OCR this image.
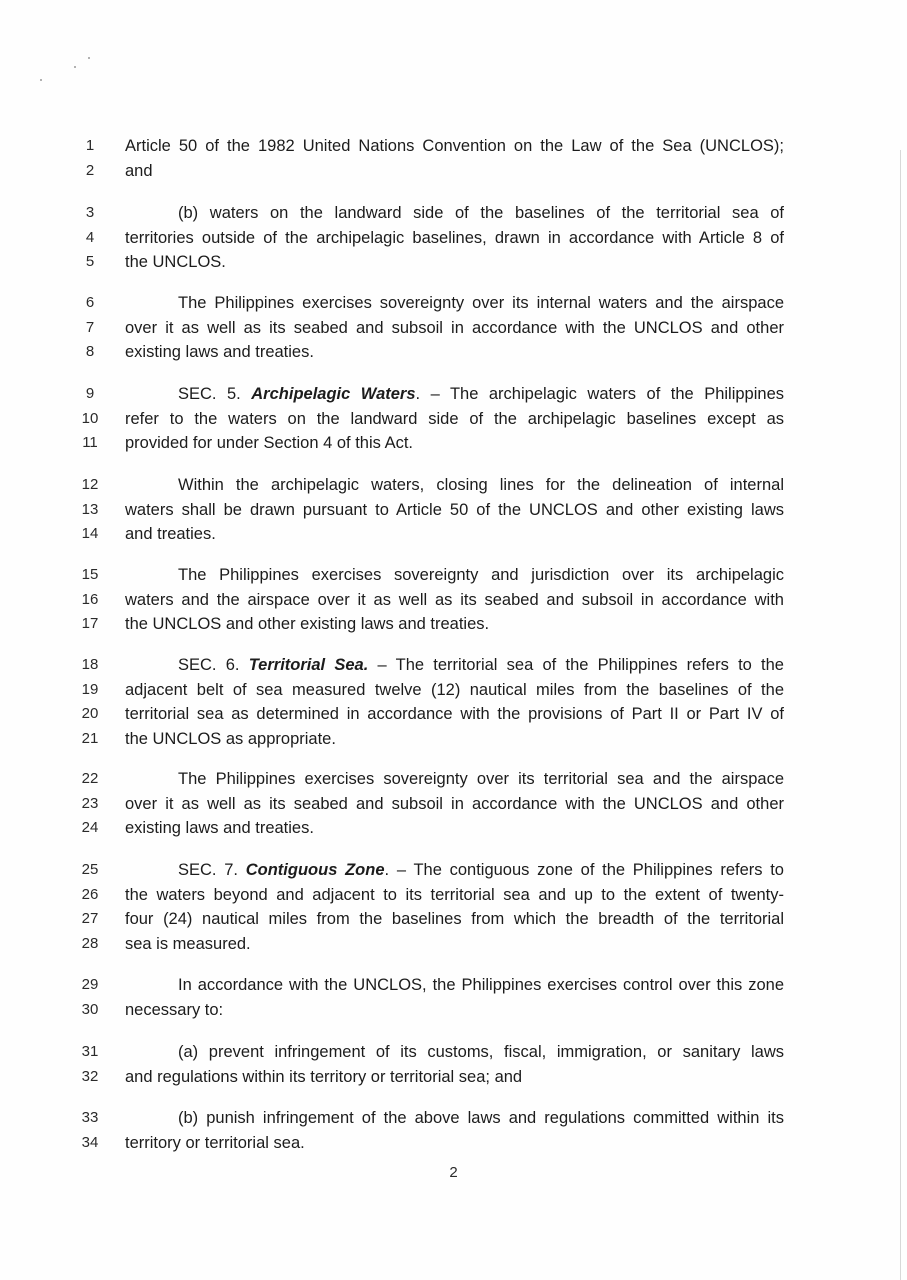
1	Article 50 of the 1982 United Nations Convention on the Law of the Sea (UNCLOS);
2	and
3	(b) waters on the landward side of the baselines of the territorial sea of
4	territories outside of the archipelagic baselines, drawn in accordance with Article 8 of
5	the UNCLOS.
6	The Philippines exercises sovereignty over its internal waters and the airspace
7	over it as well as its seabed and subsoil in accordance with the UNCLOS and other
8	existing laws and treaties.
9	SEC. 5. Archipelagic Waters. – The archipelagic waters of the Philippines
10 refer to the waters on the landward side of the archipelagic baselines except as
11 provided for under Section 4 of this Act.
12	Within the archipelagic waters, closing lines for the delineation of internal
13 waters shall be drawn pursuant to Article 50 of the UNCLOS and other existing laws
14 and treaties.
15	The Philippines exercises sovereignty and jurisdiction over its archipelagic
16 waters and the airspace over it as well as its seabed and subsoil in accordance with
17 the UNCLOS and other existing laws and treaties.
18	SEC. 6. Territorial Sea. – The territorial sea of the Philippines refers to the
19 adjacent belt of sea measured twelve (12) nautical miles from the baselines of the
20 territorial sea as determined in accordance with the provisions of Part II or Part IV of
21 the UNCLOS as appropriate.
22	The Philippines exercises sovereignty over its territorial sea and the airspace
23 over it as well as its seabed and subsoil in accordance with the UNCLOS and other
24 existing laws and treaties.
25	SEC. 7. Contiguous Zone. – The contiguous zone of the Philippines refers to
26 the waters beyond and adjacent to its territorial sea and up to the extent of twenty-
27 four (24) nautical miles from the baselines from which the breadth of the territorial
28 sea is measured.
29	In accordance with the UNCLOS, the Philippines exercises control over this zone
30 necessary to:
31	(a) prevent infringement of its customs, fiscal, immigration, or sanitary laws
32 and regulations within its territory or territorial sea; and
33	(b) punish infringement of the above laws and regulations committed within its
34 territory or territorial sea.
2
